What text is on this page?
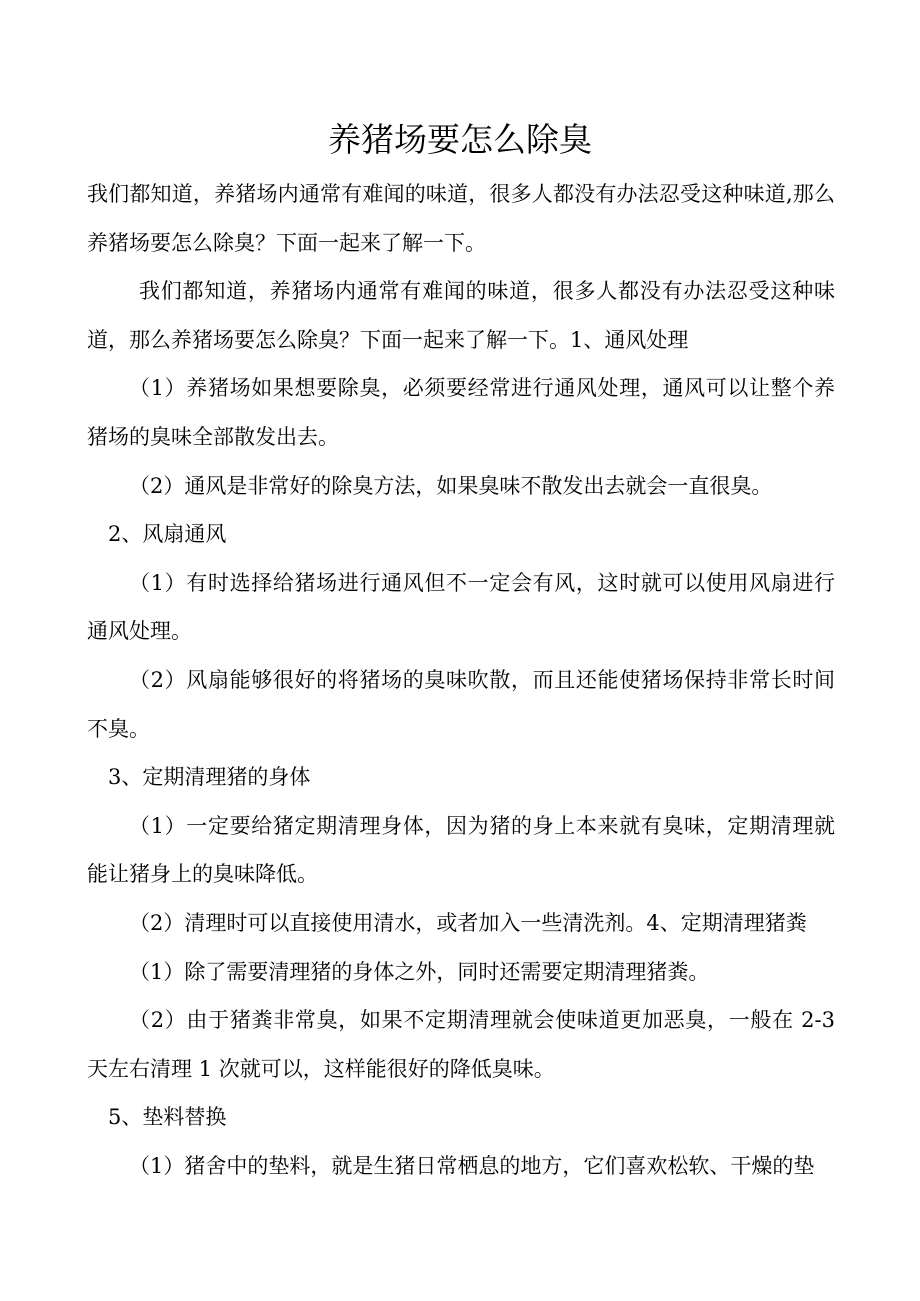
养猪场要怎么除臭

我们都知道，养猪场内通常有难闻的味道，很多人都没有办法忍受这种味道,那么养猪场要怎么除臭？下面一起来了解一下。

我们都知道，养猪场内通常有难闻的味道，很多人都没有办法忍受这种味道，那么养猪场要怎么除臭？下面一起来了解一下。1、通风处理

（1）养猪场如果想要除臭，必须要经常进行通风处理，通风可以让整个养猪场的臭味全部散发出去。

（2）通风是非常好的除臭方法，如果臭味不散发出去就会一直很臭。

2、风扇通风

（1）有时选择给猪场进行通风但不一定会有风，这时就可以使用风扇进行通风处理。

（2）风扇能够很好的将猪场的臭味吹散，而且还能使猪场保持非常长时间不臭。

3、定期清理猪的身体

（1）一定要给猪定期清理身体，因为猪的身上本来就有臭味，定期清理就能让猪身上的臭味降低。

（2）清理时可以直接使用清水，或者加入一些清洗剂。4、定期清理猪粪

（1）除了需要清理猪的身体之外，同时还需要定期清理猪粪。

（2）由于猪粪非常臭，如果不定期清理就会使味道更加恶臭，一般在 2-3 天左右清理 1 次就可以，这样能很好的降低臭味。

5、垫料替换

（1）猪舍中的垫料，就是生猪日常栖息的地方，它们喜欢松软、干燥的垫
